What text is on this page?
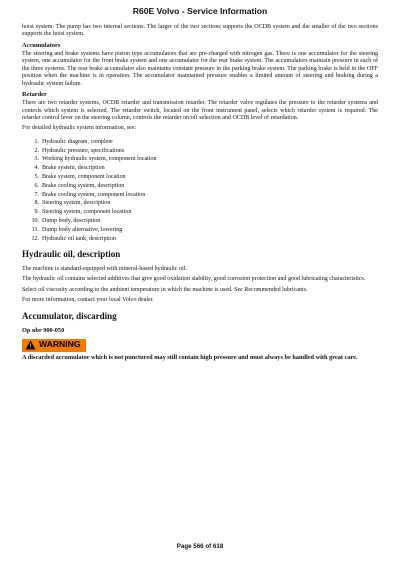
R60E Volvo - Service Information

hoist system. The pump has two internal sections. The larger of the two sections supports the OCDB system and the smaller of the two sections supports the hoist system.

Accumulators

The steering and brake systems have piston type accumulators that are pre-charged with nitrogen gas. There is one accumulator for the steering system, one accumulator for the front brake system and one accumulator for the rear brake system. The accumulators maintain pressure in each of the three systems. The rear brake accumulator also maintains constant pressure in the parking brake system. The parking brake is held in the OFF position when the machine is in operation. The accumulator maintained pressure enables a limited amount of steering and braking during a hydraulic system failure.

Retarder

There are two retarder systems, OCDB retarder and transmission retarder. The retarder valve regulates the pressure to the retarder systems and controls which system is selected. The retarder switch, located on the front instrument panel, selects which retarder system is required. The retarder control lever on the steering column, controls the retarder on/off selection and OCDB level of retardation.

For detailed hydraulic system information, see:

1. Hydraulic diagram, complete
2. Hydraulic pressure, specifications
3. Working hydraulic system, component location
4. Brake system, description
5. Brake system, component location
6. Brake cooling system, description
7. Brake cooling system, component location
8. Steering system, description
9. Steering system, component location
10. Dump body, description
11. Dump body alternative, lowering
12. Hydraulic oil tank, description
Hydraulic oil, description

The machine is standard-equipped with mineral-based hydraulic oil.

The hydraulic oil contains selected additives that give good oxidation stability, good corrosion protection and good lubricating characteristics.

Select oil viscosity according to the ambient temperature in which the machine is used. See Recommended lubricants.

For more information, contact your local Volvo dealer.

Accumulator, discarding
Op nbr 900-050
WARNING

A discarded accumulator which is not punctured may still contain high pressure and must always be handled with great care.

Page 566 of 618
